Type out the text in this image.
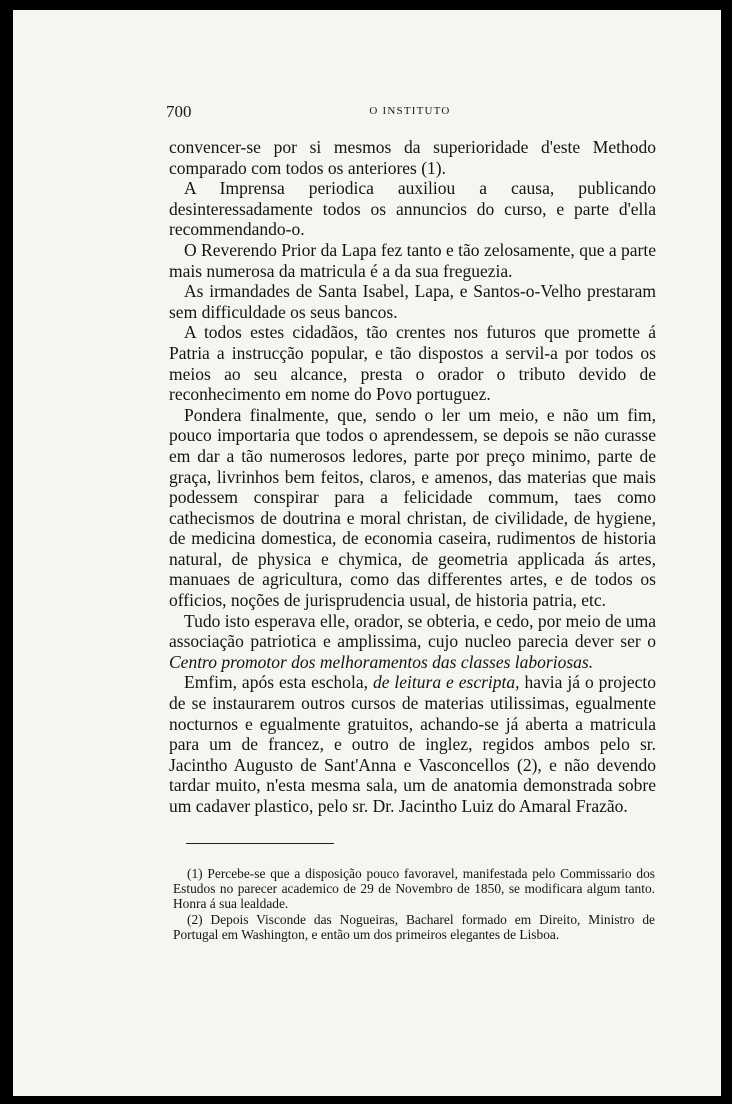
700	O INSTITUTO

convencer-se por si mesmos da superioridade d'este Methodo comparado com todos os anteriores (1).

A Imprensa periodica auxiliou a causa, publicando desinteressadamente todos os annuncios do curso, e parte d'ella recommendando-o.

O Reverendo Prior da Lapa fez tanto e tão zelosamente, que a parte mais numerosa da matricula é a da sua freguezia.

As irmandades de Santa Isabel, Lapa, e Santos-o-Velho prestaram sem difficuldade os seus bancos.

A todos estes cidadãos, tão crentes nos futuros que promette á Patria a instrucção popular, e tão dispostos a servil-a por todos os meios ao seu alcance, presta o orador o tributo devido de reconhecimento em nome do Povo portuguez.

Pondera finalmente, que, sendo o ler um meio, e não um fim, pouco importaria que todos o aprendessem, se depois se não curasse em dar a tão numerosos ledores, parte por preço minimo, parte de graça, livrinhos bem feitos, claros, e amenos, das materias que mais podessem conspirar para a felicidade commum, taes como cathecismos de doutrina e moral christan, de civilidade, de hygiene, de medicina domestica, de economia caseira, rudimentos de historia natural, de physica e chymica, de geometria applicada ás artes, manuaes de agricultura, como das differentes artes, e de todos os officios, noções de jurisprudencia usual, de historia patria, etc.

Tudo isto esperava elle, orador, se obteria, e cedo, por meio de uma associação patriotica e amplissima, cujo nucleo parecia dever ser o Centro promotor dos melhoramentos das classes laboriosas.

Emfim, após esta eschola, de leitura e escripta, havia já o projecto de se instaurarem outros cursos de materias utilissimas, egualmente nocturnos e egualmente gratuitos, achando-se já aberta a matricula para um de francez, e outro de inglez, regidos ambos pelo sr. Jacintho Augusto de Sant'Anna e Vasconcellos (2), e não devendo tardar muito, n'esta mesma sala, um de anatomia demonstrada sobre um cadaver plastico, pelo sr. Dr. Jacintho Luiz do Amaral Frazão.

(1) Percebe-se que a disposição pouco favoravel, manifestada pelo Commissario dos Estudos no parecer academico de 29 de Novembro de 1850, se modificara algum tanto. Honra á sua lealdade.

(2) Depois Visconde das Nogueiras, Bacharel formado em Direito, Ministro de Portugal em Washington, e então um dos primeiros elegantes de Lisboa.
